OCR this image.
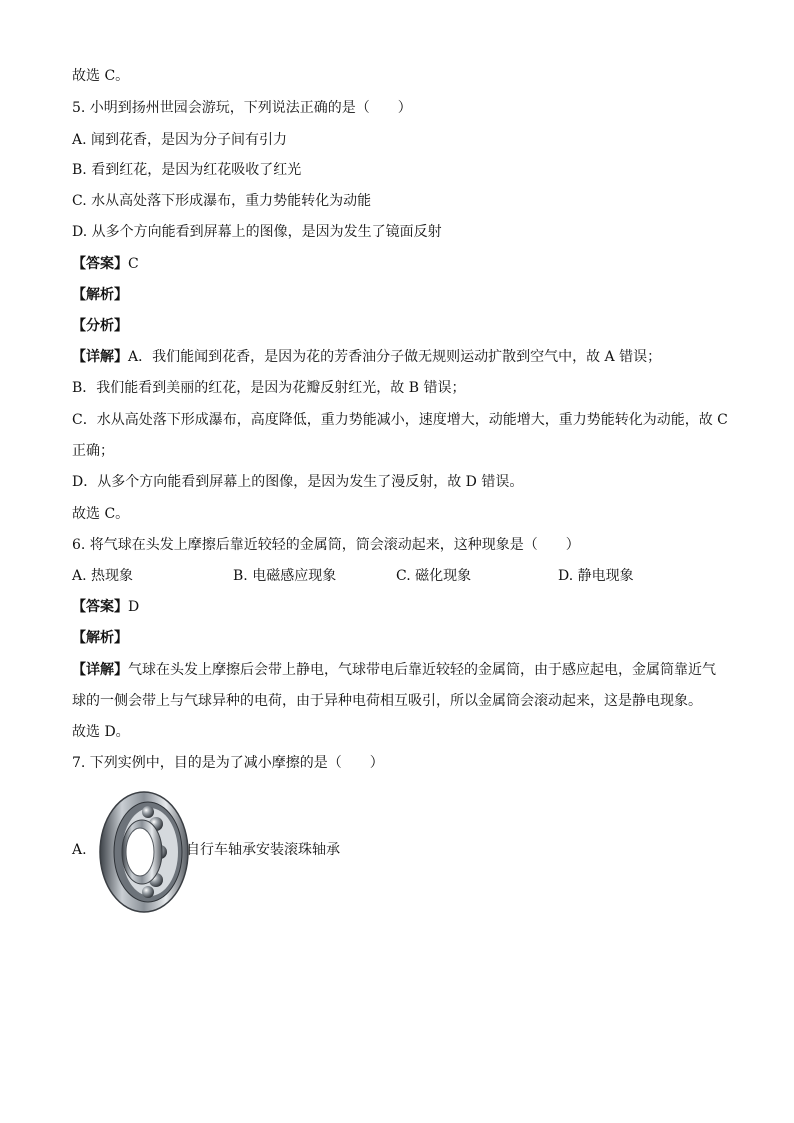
故选 C。
5. 小明到扬州世园会游玩，下列说法正确的是（　　）
A. 闻到花香，是因为分子间有引力
B. 看到红花，是因为红花吸收了红光
C. 水从高处落下形成瀑布，重力势能转化为动能
D. 从多个方向能看到屏幕上的图像，是因为发生了镜面反射
【答案】C
【解析】
【分析】
【详解】A．我们能闻到花香，是因为花的芳香油分子做无规则运动扩散到空气中，故 A 错误；
B．我们能看到美丽的红花，是因为花瓣反射红光，故 B 错误；
C．水从高处落下形成瀑布，高度降低，重力势能减小，速度增大，动能增大，重力势能转化为动能，故 C
正确；
D．从多个方向能看到屏幕上的图像，是因为发生了漫反射，故 D 错误。
故选 C。
6. 将气球在头发上摩擦后靠近较轻的金属筒，筒会滚动起来，这种现象是（　　）
A. 热现象	B. 电磁感应现象	C. 磁化现象	D. 静电现象
【答案】D
【解析】
【详解】气球在头发上摩擦后会带上静电，气球带电后靠近较轻的金属筒，由于感应起电，金属筒靠近气
球的一侧会带上与气球异种的电荷，由于异种电荷相互吸引，所以金属筒会滚动起来，这是静电现象。
故选 D。
7. 下列实例中，目的是为了减小摩擦的是（　　）
A.	自行车轴承安装滚珠轴承
